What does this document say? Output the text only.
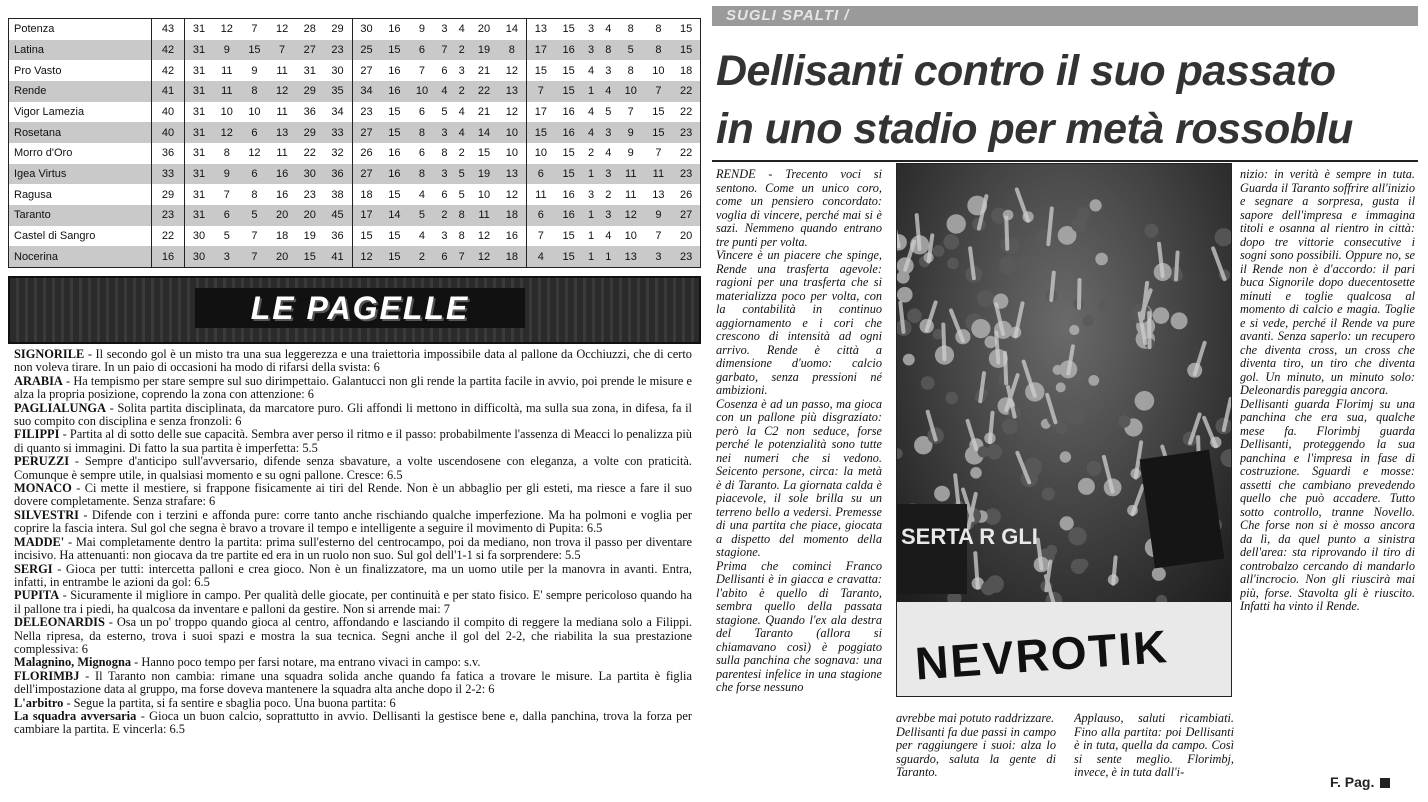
Potenza	43	31	12	7	12	28	29	30	16	9	3	4	20	14	13	15	3	4	8	8	15
Latina	42	31	9	15	7	27	23	25	15	6	7	2	19	8	17	16	3	8	5	8	15
Pro Vasto	42	31	11	9	11	31	30	27	16	7	6	3	21	12	15	15	4	3	8	10	18
Rende	41	31	11	8	12	29	35	34	16	10	4	2	22	13	7	15	1	4	10	7	22
Vigor Lamezia	40	31	10	10	11	36	34	23	15	6	5	4	21	12	17	16	4	5	7	15	22
Rosetana	40	31	12	6	13	29	33	27	15	8	3	4	14	10	15	16	4	3	9	15	23
Morro d'Oro	36	31	8	12	11	22	32	26	16	6	8	2	15	10	10	15	2	4	9	7	22
Igea Virtus	33	31	9	6	16	30	36	27	16	8	3	5	19	13	6	15	1	3	11	11	23
Ragusa	29	31	7	8	16	23	38	18	15	4	6	5	10	12	11	16	3	2	11	13	26
Taranto	23	31	6	5	20	20	45	17	14	5	2	8	11	18	6	16	1	3	12	9	27
Castel di Sangro	22	30	5	7	18	19	36	15	15	4	3	8	12	16	7	15	1	4	10	7	20
Nocerina	16	30	3	7	20	15	41	12	15	2	6	7	12	18	4	15	1	1	13	3	23
LE PAGELLE

SIGNORILE - Il secondo gol è un misto tra una sua leggerezza e una traiettoria impossibile data al pallone da Occhiuzzi, che di certo non voleva tirare. In un paio di occasioni ha modo di rifarsi della svista: 6

ARABIA - Ha tempismo per stare sempre sul suo dirimpettaio. Galantucci non gli rende la partita facile in avvio, poi prende le misure e alza la propria posizione, coprendo la zona con attenzione: 6

PAGLIALUNGA - Solita partita disciplinata, da marcatore puro. Gli affondi li mettono in difficoltà, ma sulla sua zona, in difesa, fa il suo compito con disciplina e senza fronzoli: 6

FILIPPI - Partita al di sotto delle sue capacità. Sembra aver perso il ritmo e il passo: probabilmente l'assenza di Meacci lo penalizza più di quanto si immagini. Di fatto la sua partita è imperfetta: 5.5

PERUZZI - Sempre d'anticipo sull'avversario, difende senza sbavature, a volte uscendosene con eleganza, a volte con praticità. Comunque è sempre utile, in qualsiasi momento e su ogni pallone. Cresce: 6.5

MONACO - Ci mette il mestiere, si frappone fisicamente ai tiri del Rende. Non è un abbaglio per gli esteti, ma riesce a fare il suo dovere completamente. Senza strafare: 6

SILVESTRI - Difende con i terzini e affonda pure: corre tanto anche rischiando qualche imperfezione. Ma ha polmoni e voglia per coprire la fascia intera. Sul gol che segna è bravo a trovare il tempo e intelligente a seguire il movimento di Pupita: 6.5

MADDE' - Mai completamente dentro la partita: prima sull'esterno del centrocampo, poi da mediano, non trova il passo per diventare incisivo. Ha attenuanti: non giocava da tre partite ed era in un ruolo non suo. Sul gol dell'1-1 si fa sorprendere: 5.5

SERGI - Gioca per tutti: intercetta palloni e crea gioco. Non è un finalizzatore, ma un uomo utile per la manovra in avanti. Entra, infatti, in entrambe le azioni da gol: 6.5

PUPITA - Sicuramente il migliore in campo. Per qualità delle giocate, per continuità e per stato fisico. E' sempre pericoloso quando ha il pallone tra i piedi, ha qualcosa da inventare e palloni da gestire. Non si arrende mai: 7

DELEONARDIS - Osa un po' troppo quando gioca al centro, affondando e lasciando il compito di reggere la mediana solo a Filippi. Nella ripresa, da esterno, trova i suoi spazi e mostra la sua tecnica. Segni anche il gol del 2-2, che riabilita la sua prestazione complessiva: 6

Malagnino, Mignogna - Hanno poco tempo per farsi notare, ma entrano vivaci in campo: s.v.

FLORIMBJ - Il Taranto non cambia: rimane una squadra solida anche quando fa fatica a trovare le misure. La partita è figlia dell'impostazione data al gruppo, ma forse doveva mantenere la squadra alta anche dopo il 2-2: 6

L'arbitro - Segue la partita, si fa sentire e sbaglia poco. Una buona partita: 6

La squadra avversaria - Gioca un buon calcio, soprattutto in avvio. Dellisanti la gestisce bene e, dalla panchina, trova la forza per cambiare la partita. E vincerla: 6.5

SUGLI SPALTI /
Dellisanti contro il suo passato
in uno stadio per metà rossoblu

RENDE - Trecento voci si sentono. Come un unico coro, come un pensiero concordato: voglia di vincere, perché mai si è sazi. Nemmeno quando entrano tre punti per volta.

Vincere è un piacere che spinge, Rende una trasferta agevole: ragioni per una trasferta che si materializza poco per volta, con la contabilità in continuo aggiornamento e i cori che crescono di intensità ad ogni arrivo. Rende è città a dimensione d'uomo: calcio garbato, senza pressioni né ambizioni.

Cosenza è ad un passo, ma gioca con un pallone più disgraziato: però la C2 non seduce, forse perché le potenzialità sono tutte nei numeri che si vedono. Seicento persone, circa: la metà è di Taranto. La giornata calda è piacevole, il sole brilla su un terreno bello a vedersi. Premesse di una partita che piace, giocata a dispetto del momento della stagione.

Prima che cominci Franco Dellisanti è in giacca e cravatta: l'abito è quello di Taranto, sembra quello della passata stagione. Quando l'ex ala destra del Taranto (allora si chiamavano così) è poggiato sulla panchina che sognava: una parentesi infelice in una stagione che forse nessuno

SERTA R GLI
NEVROTIK

avrebbe mai potuto raddrizzare.

Dellisanti fa due passi in campo per raggiungere i suoi: alza lo sguardo, saluta la gente di Taranto.

Applauso, saluti ricambiati. Fino alla partita: poi Dellisanti è in tuta, quella da campo. Così si sente meglio. Florimbj, invece, è in tuta dall'i-

nizio: in verità è sempre in tuta. Guarda il Taranto soffrire all'inizio e segnare a sorpresa, gusta il sapore dell'impresa e immagina titoli e osanna al rientro in città: dopo tre vittorie consecutive i sogni sono possibili. Oppure no, se il Rende non è d'accordo: il pari buca Signorile dopo duecentosette minuti e toglie qualcosa al momento di calcio e magia. Toglie e si vede, perché il Rende va pure avanti. Senza saperlo: un recupero che diventa cross, un cross che diventa tiro, un tiro che diventa gol. Un minuto, un minuto solo: Deleonardis pareggia ancora.

Dellisanti guarda Florimj su una panchina che era sua, qualche mese fa. Florimbj guarda Dellisanti, proteggendo la sua panchina e l'impresa in fase di costruzione. Sguardi e mosse: assetti che cambiano prevedendo quello che può accadere. Tutto sotto controllo, tranne Novello. Che forse non si è mosso ancora da lì, da quel punto a sinistra dell'area: sta riprovando il tiro di controbalzo cercando di mandarlo all'incrocio. Non gli riuscirà mai più, forse. Stavolta gli è riuscito. Infatti ha vinto il Rende.

F. Pag.
